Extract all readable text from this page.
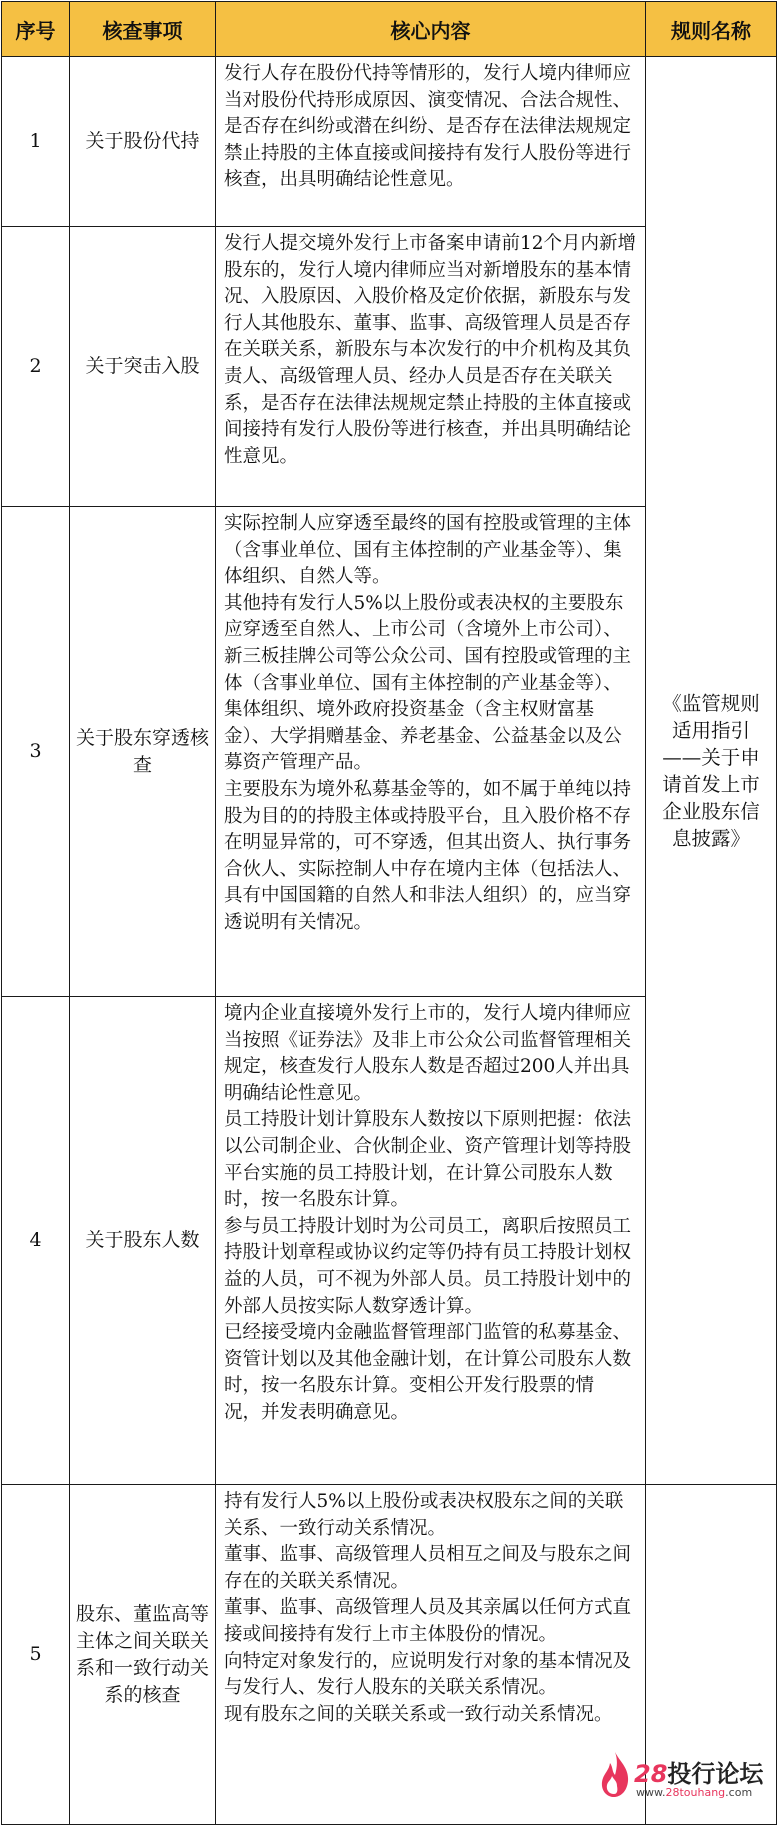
序号	核查事项	核心内容	规则名称
1	关于股份代持	发行人存在股份代持等情形的，发行人境内律师应当对股份代持形成原因、演变情况、合法合规性、是否存在纠纷或潜在纠纷、是否存在法律法规规定禁止持股的主体直接或间接持有发行人股份等进行核查，出具明确结论性意见。	《监管规则适用指引——关于申请首发上市企业股东信息披露》
2	关于突击入股	发行人提交境外发行上市备案申请前12个月内新增股东的，发行人境内律师应当对新增股东的基本情况、入股原因、入股价格及定价依据，新股东与发行人其他股东、董事、监事、高级管理人员是否存在关联关系，新股东与本次发行的中介机构及其负责人、高级管理人员、经办人员是否存在关联关系，是否存在法律法规规定禁止持股的主体直接或间接持有发行人股份等进行核查，并出具明确结论性意见。	

3	关于股东穿透核查	实际控制人应穿透至最终的国有控股或管理的主体（含事业单位、国有主体控制的产业基金等）、集体组织、自然人等。

其他持有发行人5%以上股份或表决权的主要股东应穿透至自然人、上市公司（含境外上市公司）、新三板挂牌公司等公众公司、国有控股或管理的主体（含事业单位、国有主体控制的产业基金等）、集体组织、境外政府投资基金（含主权财富基金）、大学捐赠基金、养老基金、公益基金以及公募资产管理产品。

主要股东为境外私募基金等的，如不属于单纯以持股为目的的持股主体或持股平台，且入股价格不存在明显异常的，可不穿透，但其出资人、执行事务合伙人、实际控制人中存在境内主体（包括法人、具有中国国籍的自然人和非法人组织）的，应当穿透说明有关情况。	

4	关于股东人数	境内企业直接境外发行上市的，发行人境内律师应当按照《证券法》及非上市公众公司监督管理相关规定，核查发行人股东人数是否超过200人并出具明确结论性意见。

员工持股计划计算股东人数按以下原则把握：依法以公司制企业、合伙制企业、资产管理计划等持股平台实施的员工持股计划，在计算公司股东人数时，按一名股东计算。

参与员工持股计划时为公司员工，离职后按照员工持股计划章程或协议约定等仍持有员工持股计划权益的人员，可不视为外部人员。员工持股计划中的外部人员按实际人数穿透计算。

已经接受境内金融监督管理部门监管的私募基金、资管计划以及其他金融计划，在计算公司股东人数时，按一名股东计算。变相公开发行股票的情

况，并发表明确意见。	

5	股东、董监高等主体之间关联关系和一致行动关系的核查	持有发行人5%以上股份或表决权股东之间的关联关系、一致行动关系情况。

董事、监事、高级管理人员相互之间及与股东之间存在的关联关系情况。

董事、监事、高级管理人员及其亲属以任何方式直接或间接持有发行上市主体股份的情况。

向特定对象发行的，应说明发行对象的基本情况及与发行人、发行人股东的关联关系情况。

现有股东之间的关联关系或一致行动关系情况。	

28投行论坛
www.28touhang.com
